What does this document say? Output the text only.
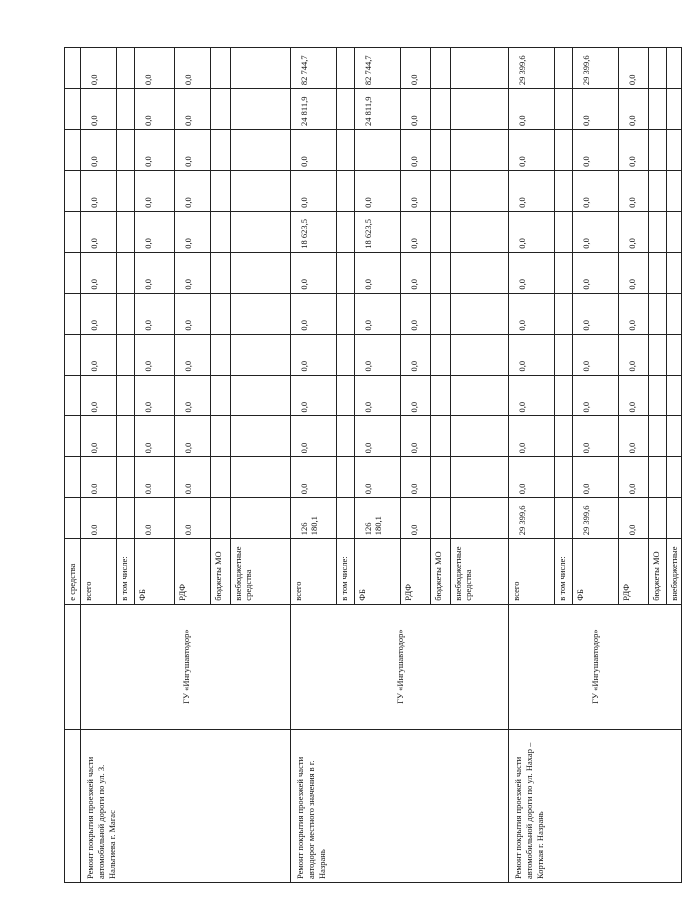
		е средства												
Ремонт покрытия проезжей части автомобильной дороги по ул. З. Нальгиева г. Магас	ГУ «Ингушавтодор»	всего	0.0	0.0	0,0	0,0	0,0	0,0	0,0	0,0	0,0	0,0	0,0	0,0
		в том числе:												
		ФБ	0.0	0.0	0,0	0,0	0,0	0,0	0,0	0,0	0,0	0,0	0,0	0,0
		РДФ	0.0	0.0	0,0	0,0	0,0	0,0	0,0	0,0	0,0	0,0	0,0	0,0
		бюджеты МО												
		внебюджетные средства												
Ремонт покрытия проезжей части автодорог местного значения в г. Назрань	ГУ «Ингушавтодор»	всего	126 180,1	0,0	0,0	0,0	0,0	0,0	0,0	18 623,5	0,0	0,0	24 811,9	82 744,7
		в том числе:												
		ФБ	126 180,1	0,0	0,0	0,0	0,0	0,0	0,0	18 623,5	0,0		24 811,9	82 744,7
		РДФ	0,0	0,0	0,0	0,0	0,0	0,0	0,0	0,0	0,0	0,0	0,0	0,0
		бюджеты МО												
		внебюджетные средства												
Ремонт покрытия проезжей части автомобильной дороги по ул. Нахар – Корткая г. Назрань	ГУ «Ингушавтодор»	всего	29 399,6	0,0	0,0	0,0	0,0	0,0	0,0	0,0	0,0	0,0	0,0	29 399,6
		в том числе:												
		ФБ	29 399,6	0,0	0,0	0,0	0,0	0,0	0,0	0,0	0,0	0,0	0,0	29 399,6
		РДФ	0,0	0,0	0,0	0,0	0,0	0,0	0,0	0,0	0,0	0,0	0,0	0,0
		бюджеты МО												
		внебюджетные												
